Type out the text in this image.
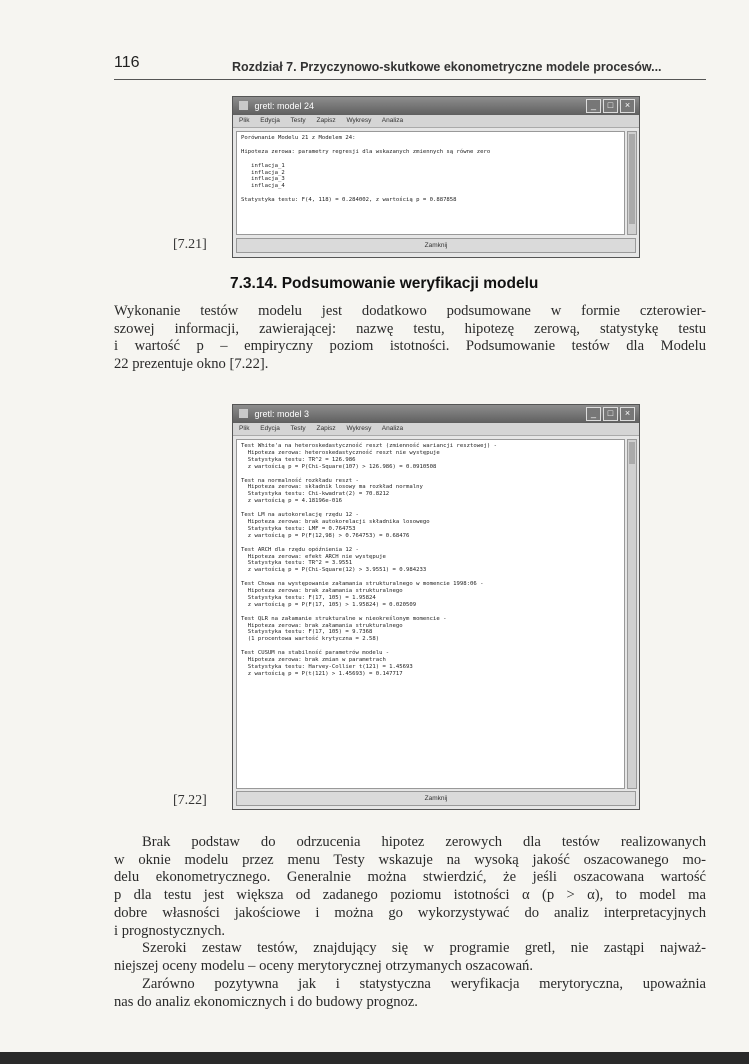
116	Rozdział 7. Przyczynowo-skutkowe ekonometryczne modele procesów...
gretl: model 24	_ □ ×
Plik Edycja Testy Zapisz Wykresy Analiza
Porównanie Modelu 21 z Modelem 24:

Hipoteza zerowa: parametry regresji dla wskazanych zmiennych są równe zero

inflacja_1
inflacja_2
inflacja_3
inflacja_4

Statystyka testu: F(4, 118) = 0.284002, z wartością p = 0.887858
Zamknij
[7.21]
7.3.14. Podsumowanie weryfikacji modelu
Wykonanie testów modelu jest dodatkowo podsumowane w formie czterowier-
szowej informacji, zawierającej: nazwę testu, hipotezę zerową, statystykę testu
i wartość p – empiryczny poziom istotności. Podsumowanie testów dla Modelu
22 prezentuje okno [7.22].
gretl: model 3	_ □ ×
Plik Edycja Testy Zapisz Wykresy Analiza
Test White'a na heteroskedastyczność reszt (zmienność wariancji resztowej) -
Hipoteza zerowa: heteroskedastyczność reszt nie występuje
Statystyka testu: TR^2 = 126.986
z wartością p = P(Chi-Square(107) > 126.986) = 0.0910508

Test na normalność rozkładu reszt -
Hipoteza zerowa: składnik losowy ma rozkład normalny
Statystyka testu: Chi-kwadrat(2) = 70.8212
z wartością p = 4.18196e-016

Test LM na autokorelację rzędu 12 -
Hipoteza zerowa: brak autokorelacji składnika losowego
Statystyka testu: LMF = 0.764753
z wartością p = P(F(12,98) > 0.764753) = 0.68476

Test ARCH dla rzędu opóźnienia 12 -
Hipoteza zerowa: efekt ARCH nie występuje
Statystyka testu: TR^2 = 3.9551
z wartością p = P(Chi-Square(12) > 3.9551) = 0.984233

Test Chowa na występowanie załamania strukturalnego w momencie 1998:06 -
Hipoteza zerowa: brak załamania strukturalnego
Statystyka testu: F(17, 105) = 1.95824
z wartością p = P(F(17, 105) > 1.95824) = 0.020509

Test QLR na załamanie strukturalne w nieokreślonym momencie -
Hipoteza zerowa: brak załamania strukturalnego
Statystyka testu: F(17, 105) = 9.7368
(1 procentowa wartość krytyczna = 2.58)

Test CUSUM na stabilność parametrów modelu -
Hipoteza zerowa: brak zmian w parametrach
Statystyka testu: Harvey-Collier t(121) = 1.45693
z wartością p = P(t(121) > 1.45693) = 0.147717
Zamknij
[7.22]
Brak podstaw do odrzucenia hipotez zerowych dla testów realizowanych
w oknie modelu przez menu Testy wskazuje na wysoką jakość oszacowanego mo-
delu ekonometrycznego. Generalnie można stwierdzić, że jeśli oszacowana wartość
p dla testu jest większa od zadanego poziomu istotności α (p > α), to model ma
dobre własności jakościowe i można go wykorzystywać do analiz interpretacyjnych
i prognostycznych.
Szeroki zestaw testów, znajdujący się w programie gretl, nie zastąpi najważ-
niejszej oceny modelu – oceny merytorycznej otrzymanych oszacowań.
Zarówno pozytywna jak i statystyczna weryfikacja merytoryczna, upoważnia
nas do analiz ekonomicznych i do budowy prognoz.
